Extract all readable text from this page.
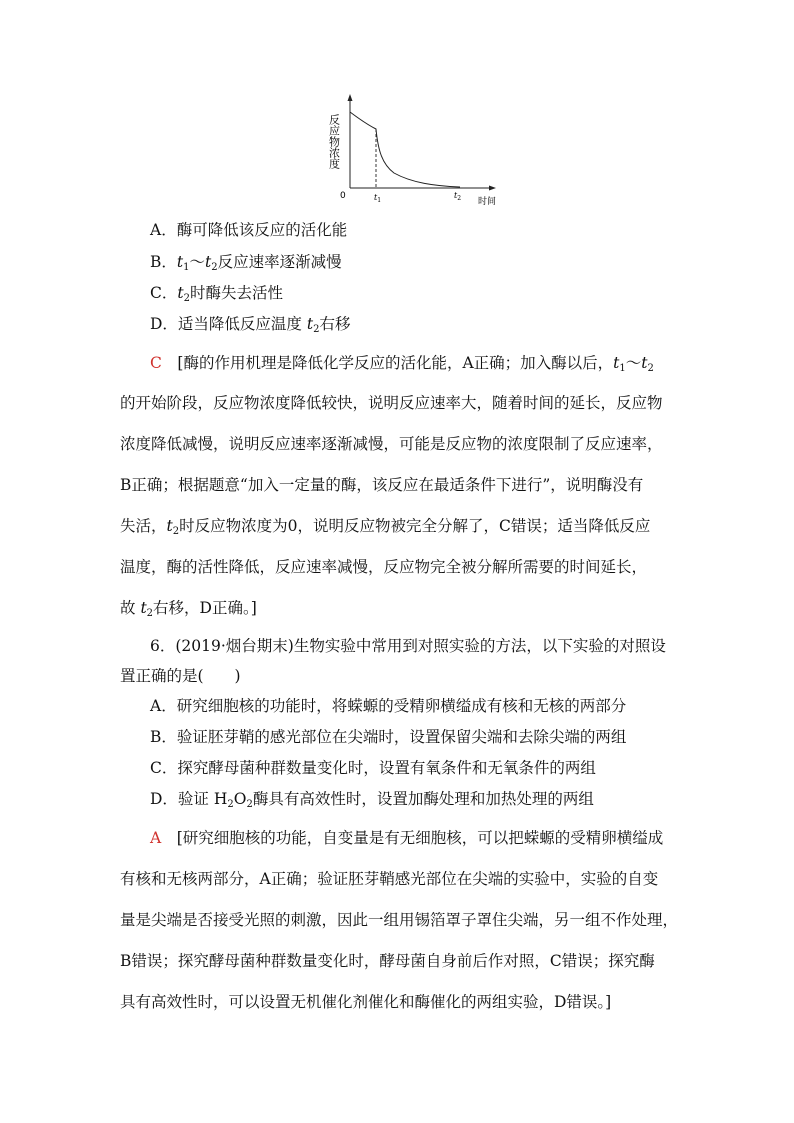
反应物浓度
0	$t_1$
$t_2$ 时间
A．酶可降低该反应的活化能
B．$t_1\sim t_2$反应速率逐渐减慢
C．$t_2$时酶失去活性
D．适当降低反应温度 $t_2$右移
C　 [酶的作用机理是降低化学反应的活化能，A正确；加入酶以后，$t_1\sim t_2$
的开始阶段，反应物浓度降低较快，说明反应速率大，随着时间的延长，反应物
浓度降低减慢，说明反应速率逐渐减慢，可能是反应物的浓度限制了反应速率，
B正确；根据题意“加入一定量的酶，该反应在最适条件下进行”，说明酶没有
失活，$t_2$时反应物浓度为0，说明反应物被完全分解了，C错误；适当降低反应
温度，酶的活性降低，反应速率减慢，反应物完全被分解所需要的时间延长，
故 $t_2$右移，D正确。]
6．(2019·烟台期末)生物实验中常用到对照实验的方法，以下实验的对照设
置正确的是(　　)
A．研究细胞核的功能时，将蝾螈的受精卵横缢成有核和无核的两部分
B．验证胚芽鞘的感光部位在尖端时，设置保留尖端和去除尖端的两组
C．探究酵母菌种群数量变化时，设置有氧条件和无氧条件的两组
D．验证 $H_2O_2$酶具有高效性时，设置加酶处理和加热处理的两组
A　 [研究细胞核的功能，自变量是有无细胞核，可以把蝾螈的受精卵横缢成
有核和无核两部分，A正确；验证胚芽鞘感光部位在尖端的实验中，实验的自变
量是尖端是否接受光照的刺激，因此一组用锡箔罩子罩住尖端，另一组不作处理，
B错误；探究酵母菌种群数量变化时，酵母菌自身前后作对照，C错误；探究酶
具有高效性时，可以设置无机催化剂催化和酶催化的两组实验，D错误。]
